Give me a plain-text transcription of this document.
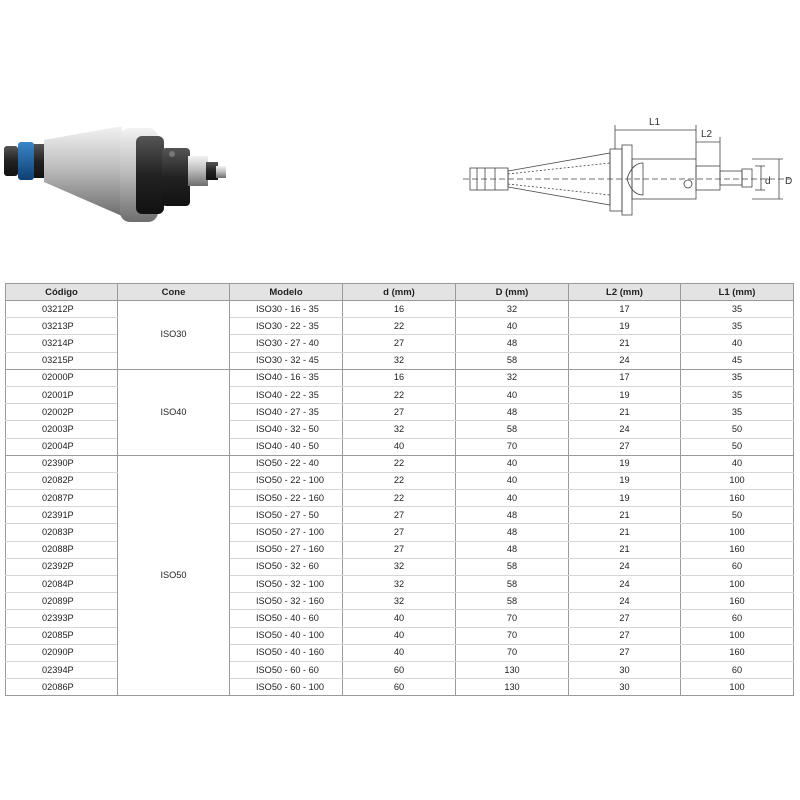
L1
L2
d D
Código	Cone	Modelo	d (mm)	D (mm)	L2 (mm)	L1 (mm)
03212P	ISO30	ISO30 - 16 - 35	16	32	17	35
03213P		ISO30 - 22 - 35	22	40	19	35
03214P		ISO30 - 27 - 40	27	48	21	40
03215P		ISO30 - 32 - 45	32	58	24	45
02000P	ISO40	ISO40 - 16 - 35	16	32	17	35
02001P		ISO40 - 22 - 35	22	40	19	35
02002P		ISO40 - 27 - 35	27	48	21	35
02003P		ISO40 - 32 - 50	32	58	24	50
02004P		ISO40 - 40 - 50	40	70	27	50
02390P	ISO50	ISO50 - 22 - 40	22	40	19	40
02082P		ISO50 - 22 - 100	22	40	19	100
02087P		ISO50 - 22 - 160	22	40	19	160
02391P		ISO50 - 27 - 50	27	48	21	50
02083P		ISO50 - 27 - 100	27	48	21	100
02088P		ISO50 - 27 - 160	27	48	21	160
02392P		ISO50 - 32 - 60	32	58	24	60
02084P		ISO50 - 32 - 100	32	58	24	100
02089P		ISO50 - 32 - 160	32	58	24	160
02393P		ISO50 - 40 - 60	40	70	27	60
02085P		ISO50 - 40 - 100	40	70	27	100
02090P		ISO50 - 40 - 160	40	70	27	160
02394P		ISO50 - 60 - 60	60	130	30	60
02086P		ISO50 - 60 - 100	60	130	30	100
